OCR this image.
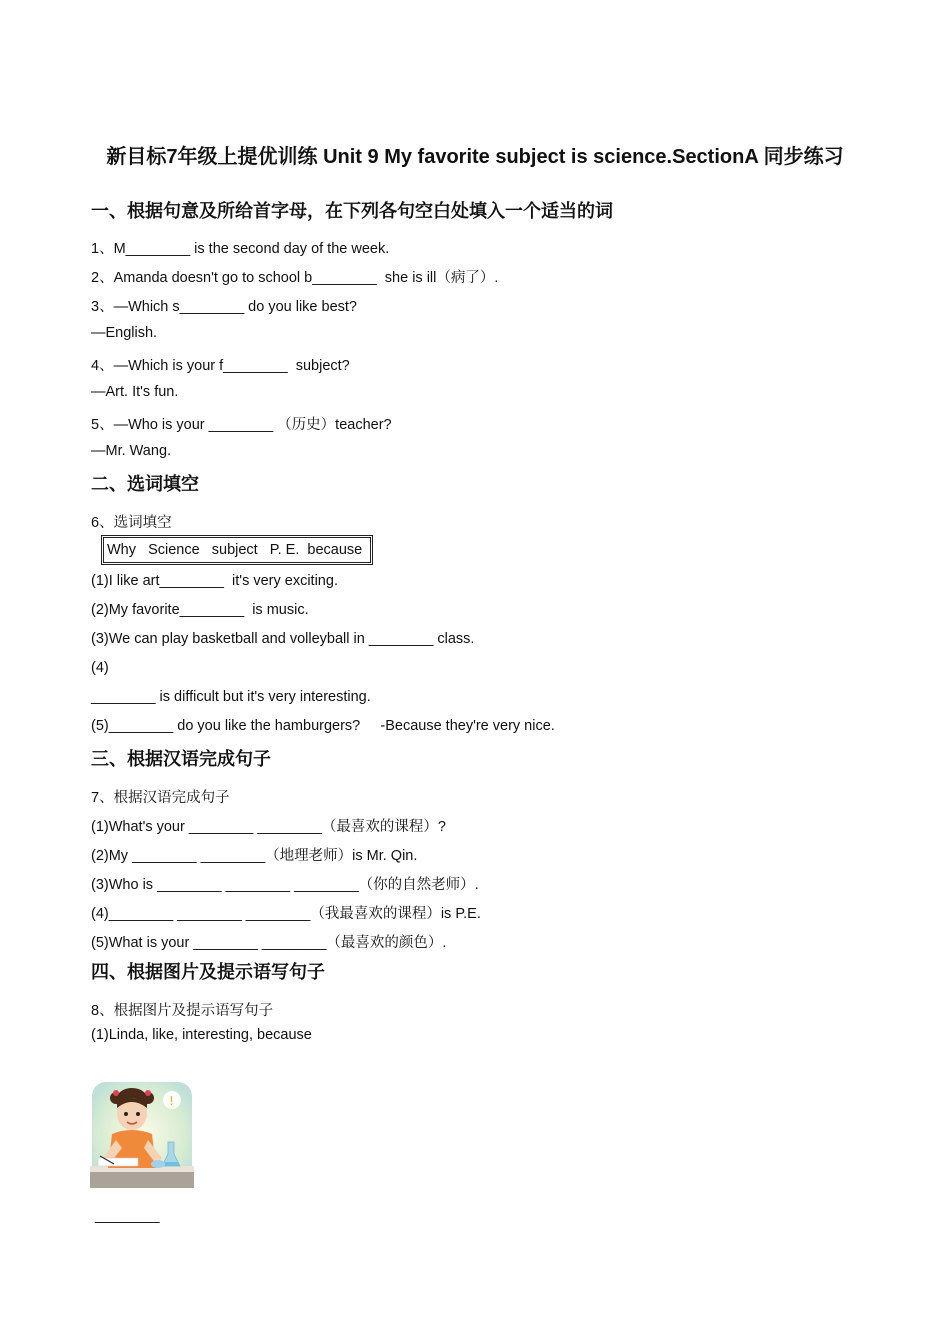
新目标7年级上提优训练 Unit 9 My favorite subject is science.SectionA 同步练习
一、根据句意及所给首字母，在下列各句空白处填入一个适当的词
1、M________ is the second day of the week.
2、Amanda doesn't go to school b________  she is ill（病了）.
3、—Which s________ do you like best?
—English.
4、—Which is your f________  subject?
—Art. It's fun.
5、—Who is your ________ （历史）teacher?
—Mr. Wang.
二、选词填空
6、选词填空
Why   Science   subject   P. E.  because
(1)I like art________  it's very exciting.
(2)My favorite________  is music.
(3)We can play basketball and volleyball in ________ class.
(4)
________ is difficult but it's very interesting.
(5)________ do you like the hamburgers?     -Because they're very nice.
三、根据汉语完成句子
7、根据汉语完成句子
(1)What's your ________ ________（最喜欢的课程）?
(2)My ________ ________（地理老师）is Mr. Qin.
(3)Who is ________ ________ ________（你的自然老师）.
(4)________ ________ ________（我最喜欢的课程）is P.E.
(5)What is your ________ ________（最喜欢的颜色）.
四、根据图片及提示语写句子
8、根据图片及提示语写句子
(1)Linda, like, interesting, because
!
________
